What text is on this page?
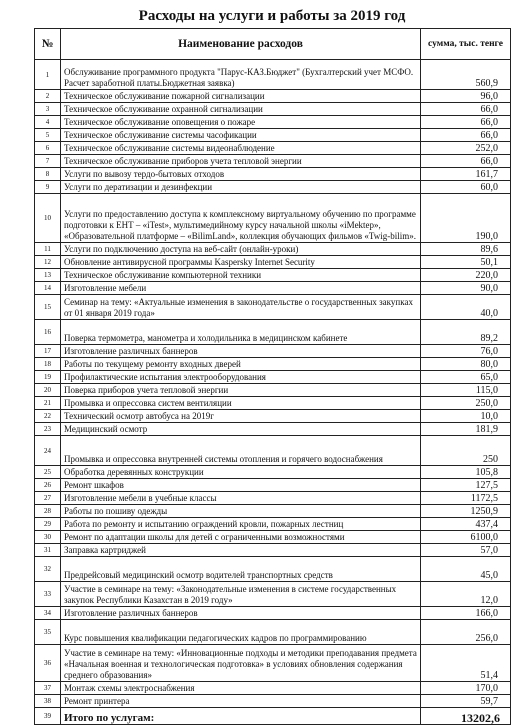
Расходы на услуги и работы за 2019 год
№	Наименование расходов	сумма, тыс. тенге
1	Обслуживание программного продукта "Парус-КАЗ.Бюджет" (Бухгалтерский учет МСФО. Расчет заработной платы.Бюджетная заявка)	560,9
2	Техническое обслуживание пожарной сигнализации	96,0
3	Техническое обслуживание охранной сигнализации	66,0
4	Техническое обслуживание оповещения о пожаре	66,0
5	Техническое обслуживание системы часофикации	66,0
6	Техническое обслуживание системы видеонаблюдение	252,0
7	Техническое обслуживание приборов учета тепловой энергии	66,0
8	Услуги по вывозу тердо-бытовых отходов	161,7
9	Услуги по дератизации и дезинфекции	60,0
10	Услуги по предоставлению доступа к комплексному виртуальному обучению по программе подготовки к ЕНТ – «iTest», мультимедийному курсу начальной школы «iMektep», «Образовательной платформе – «BilimLand», коллекция обучающих фильмов «Twig-bilim».	190,0
11	Услуги по подключению доступа на веб-сайт (онлайн-уроки)	89,6
12	Обновление антивирусной программы Kaspersky Internet Security	50,1
13	Техническое обслуживание компьютерной техники	220,0
14	Изготовление мебели	90,0
15	Семинар на тему: «Актуальные изменения в законодательстве о государственных закупках от 01 января 2019 года»	40,0
16	Поверка термометра, манометра и холодильника в медицинском кабинете	89,2
17	Изготовление различных баннеров	76,0
18	Работы по текущему ремонту входных дверей	80,0
19	Профилактические испытания электрооборудования	65,0
20	Поверка приборов учета тепловой энергии	115,0
21	Промывка и опрессовка систем вентиляции	250,0
22	Технический осмотр автобуса на 2019г	10,0
23	Медицинский осмотр	181,9
24	Промывка и опрессовка внутренней системы отопления и горячего водоснабжения	250
25	Обработка деревянных конструкции	105,8
26	Ремонт шкафов	127,5
27	Изготовление мебели в учебные классы	1172,5
28	Работы по пошиву одежды	1250,9
29	Работа по ремонту и испытанию ограждений кровли, пожарных лестниц	437,4
30	Ремонт по адаптации школы для детей с ограниченными возможностями	6100,0
31	Заправка картриджей	57,0
32	Предрейсовый медицинский осмотр водителей транспортных средств	45,0
33	Участие в семинаре на тему: «Законодательные изменения в системе государственных закупок Республики Казахстан в 2019 году»	12,0
34	Изготовление различных баннеров	166,0
35	Курс повышения квалификации педагогических кадров по программированию	256,0
36	Участие в семинаре на тему: «Инновационные подходы и методики преподавания предмета «Начальная военная и технологическая подготовка» в условиях обновления содержания среднего образования»	51,4
37	Монтаж схемы электроснабжения	170,0
38	Ремонт принтера	59,7
39	Итого по услугам:	13202,6
